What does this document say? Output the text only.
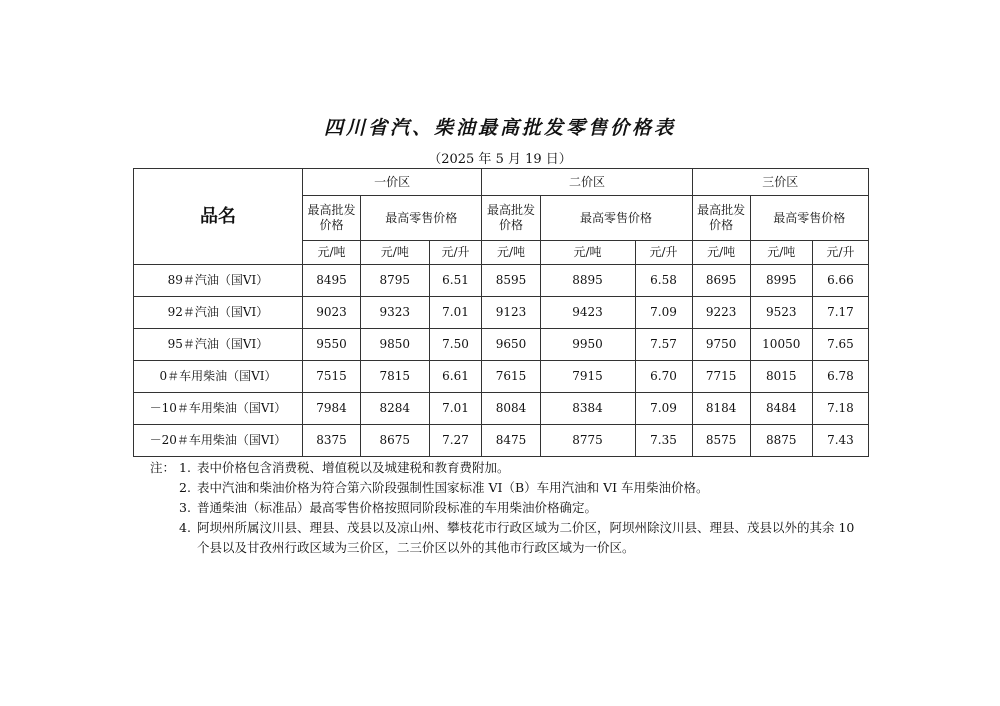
四川省汽、柴油最高批发零售价格表
（2025 年 5 月 19 日）
品名	一价区			二价区			三价区		
	最高批发价格	最高零售价格		最高批发价格	最高零售价格		最高批发价格	最高零售价格	
	元/吨	元/吨	元/升	元/吨	元/吨	元/升	元/吨	元/吨	元/升
89＃汽油（国VI）	8495	8795	6.51	8595	8895	6.58	8695	8995	6.66
92＃汽油（国VI）	9023	9323	7.01	9123	9423	7.09	9223	9523	7.17
95＃汽油（国VI）	9550	9850	7.50	9650	9950	7.57	9750	10050	7.65
0＃车用柴油（国VI）	7515	7815	6.61	7615	7915	6.70	7715	8015	6.78
－10＃车用柴油（国VI）	7984	8284	7.01	8084	8384	7.09	8184	8484	7.18
－20＃车用柴油（国VI）	8375	8675	7.27	8475	8775	7.35	8575	8875	7.43
注： 1. 表中价格包含消费税、增值税以及城建税和教育费附加。
2. 表中汽油和柴油价格为符合第六阶段强制性国家标准 VI（B）车用汽油和 VI 车用柴油价格。
3. 普通柴油（标准品）最高零售价格按照同阶段标准的车用柴油价格确定。
4. 阿坝州所属汶川县、理县、茂县以及凉山州、攀枝花市行政区域为二价区，阿坝州除汶川县、理县、茂县以外的其余 10 个县以及甘孜州行政区域为三价区，二三价区以外的其他市行政区域为一价区。
